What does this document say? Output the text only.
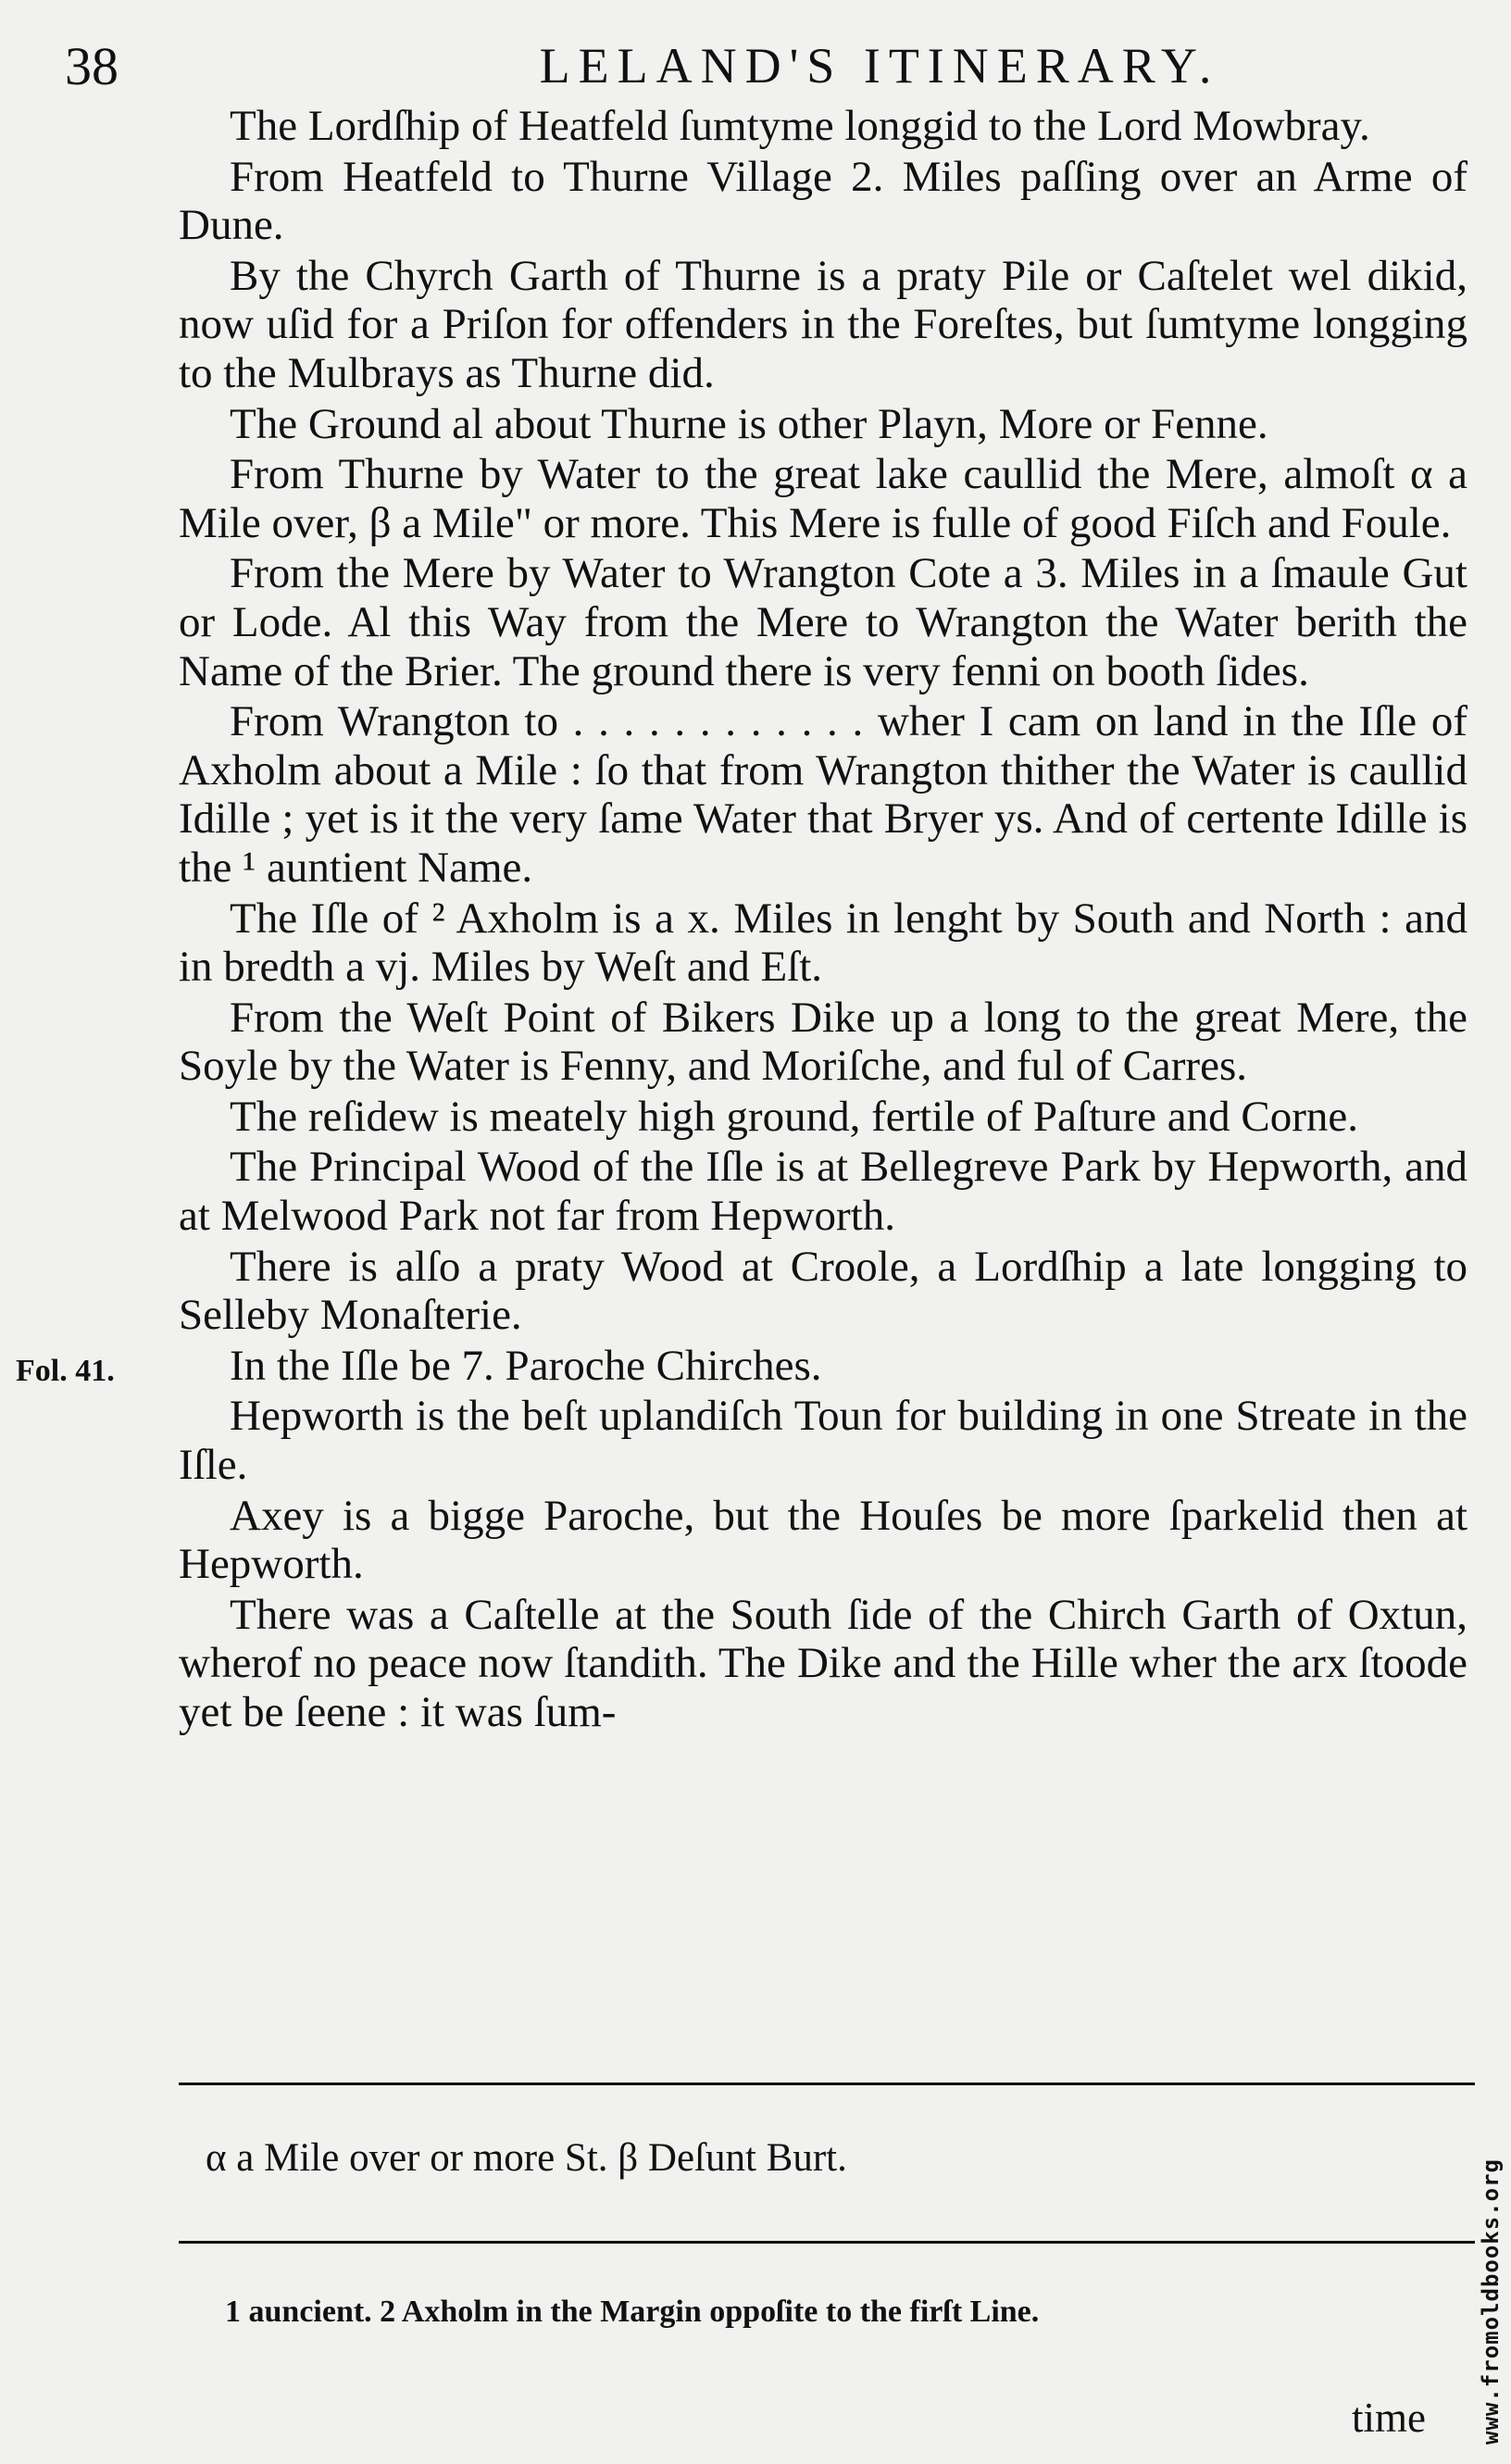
38	LELAND'S ITINERARY.

The Lordſhip of Heatfeld ſumtyme longgid to the Lord Mowbray.

From Heatfeld to Thurne Village 2. Miles paſſing over an Arme of Dune.

By the Chyrch Garth of Thurne is a praty Pile or Caſtelet wel dikid, now uſid for a Priſon for offenders in the Foreſtes, but ſumtyme longging to the Mulbrays as Thurne did.

The Ground al about Thurne is other Playn, More or Fenne.

From Thurne by Water to the great lake caullid the Mere, almoſt α a Mile over, β a Mile" or more. This Mere is fulle of good Fiſch and Foule.

From the Mere by Water to Wrangton Cote a 3. Miles in a ſmaule Gut or Lode. Al this Way from the Mere to Wrangton the Water berith the Name of the Brier. The ground there is very fenni on booth ſides.

From Wrangton to . . . . . . . . . . . . wher I cam on land in the Iſle of Axholm about a Mile : ſo that from Wrangton thither the Water is caullid Idille ; yet is it the very ſame Water that Bryer ys. And of certente Idille is the ¹ auntient Name.

The Iſle of ² Axholm is a x. Miles in lenght by South and North : and in bredth a vj. Miles by Weſt and Eſt.

From the Weſt Point of Bikers Dike up a long to the great Mere, the Soyle by the Water is Fenny, and Moriſche, and ful of Carres.

The reſidew is meately high ground, fertile of Paſture and Corne.

The Principal Wood of the Iſle is at Bellegreve Park by Hepworth, and at Melwood Park not far from Hepworth.

There is alſo a praty Wood at Croole, a Lordſhip a late longging to Selleby Monaſterie.

Fol. 41.	In the Iſle be 7. Paroche Chirches.

Hepworth is the beſt uplandiſch Toun for building in one Streate in the Iſle.

Axey is a bigge Paroche, but the Houſes be more ſparkelid then at Hepworth.

There was a Caſtelle at the South ſide of the Chirch Garth of Oxtun, wherof no peace now ſtandith. The Dike and the Hille wher the arx ſtoode yet be ſeene : it was ſum-

α a Mile over or more St. β Deſunt Burt.
1 auncient. 2 Axholm in the Margin oppoſite to the firſt Line.
time www.fromoldbooks.org
